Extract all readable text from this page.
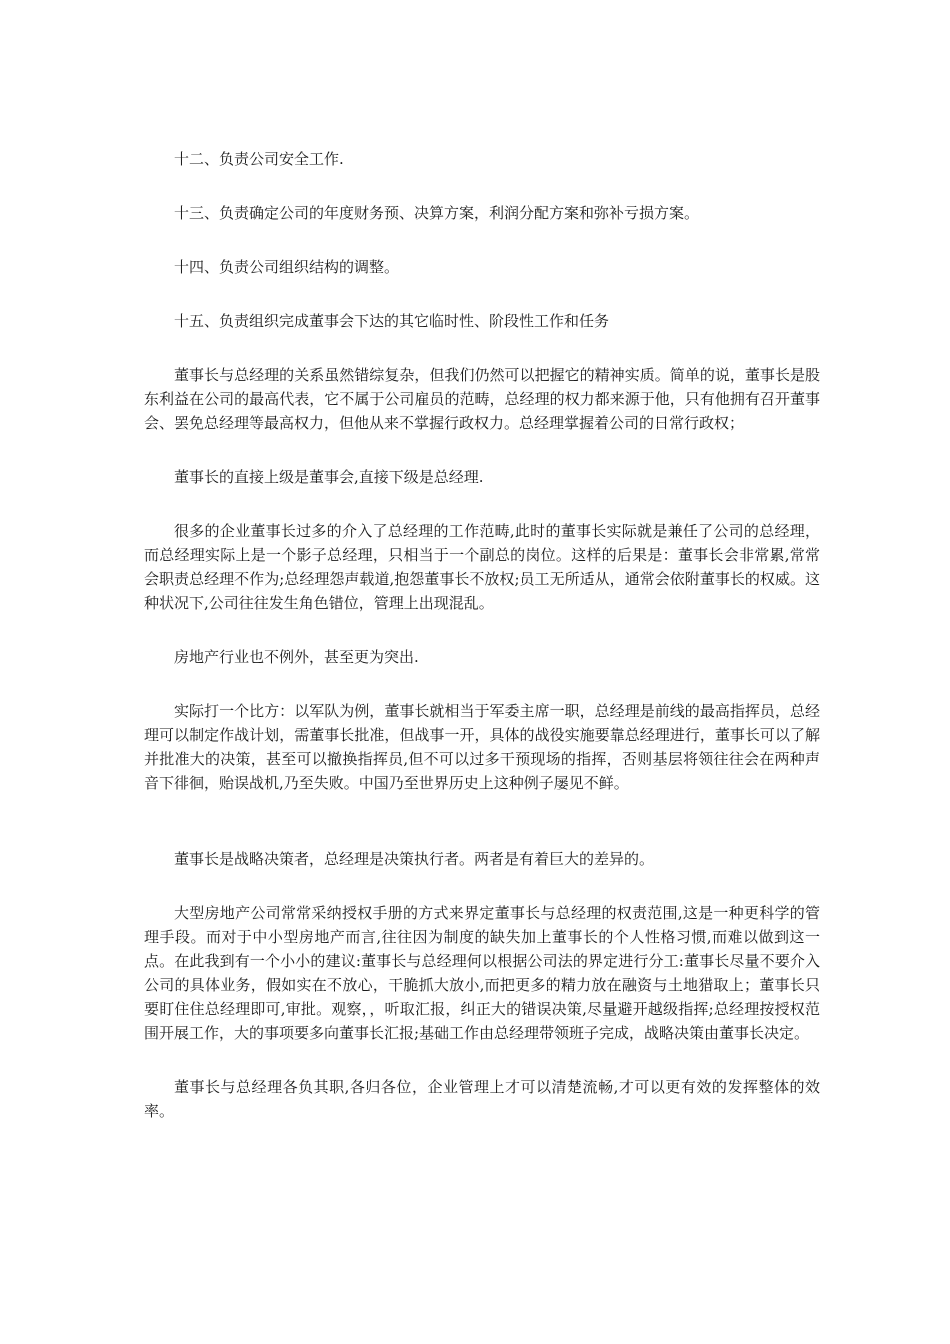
十二、负责公司安全工作.

十三、负责确定公司的年度财务预、决算方案，利润分配方案和弥补亏损方案。

十四、负责公司组织结构的调整。

十五、负责组织完成董事会下达的其它临时性、阶段性工作和任务

董事长与总经理的关系虽然错综复杂，但我们仍然可以把握它的精神实质。简单的说，董事长是股东利益在公司的最高代表，它不属于公司雇员的范畴，总经理的权力都来源于他，只有他拥有召开董事会、罢免总经理等最高权力，但他从来不掌握行政权力。总经理掌握着公司的日常行政权；

董事长的直接上级是董事会,直接下级是总经理.

很多的企业董事长过多的介入了总经理的工作范畴,此时的董事长实际就是兼任了公司的总经理，而总经理实际上是一个影子总经理，只相当于一个副总的岗位。这样的后果是：董事长会非常累,常常会职责总经理不作为;总经理怨声载道,抱怨董事长不放权;员工无所适从，通常会依附董事长的权威。这种状况下,公司往往发生角色错位，管理上出现混乱。

房地产行业也不例外，甚至更为突出.

实际打一个比方：以军队为例，董事长就相当于军委主席一职，总经理是前线的最高指挥员，总经理可以制定作战计划，需董事长批准，但战事一开，具体的战役实施要靠总经理进行，董事长可以了解并批准大的决策，甚至可以撤换指挥员,但不可以过多干预现场的指挥，否则基层将领往往会在两种声音下徘徊，贻误战机,乃至失败。中国乃至世界历史上这种例子屡见不鲜。

董事长是战略决策者，总经理是决策执行者。两者是有着巨大的差异的。

大型房地产公司常常采纳授权手册的方式来界定董事长与总经理的权责范围,这是一种更科学的管理手段。而对于中小型房地产而言,往往因为制度的缺失加上董事长的个人性格习惯,而难以做到这一点。在此我到有一个小小的建议:董事长与总经理何以根据公司法的界定进行分工:董事长尽量不要介入公司的具体业务，假如实在不放心，干脆抓大放小,而把更多的精力放在融资与土地猎取上；董事长只要盯住住总经理即可,审批。观察，，听取汇报，纠正大的错误决策,尽量避开越级指挥;总经理按授权范围开展工作，大的事项要多向董事长汇报;基础工作由总经理带领班子完成，战略决策由董事长决定。

董事长与总经理各负其职,各归各位，企业管理上才可以清楚流畅,才可以更有效的发挥整体的效率。
